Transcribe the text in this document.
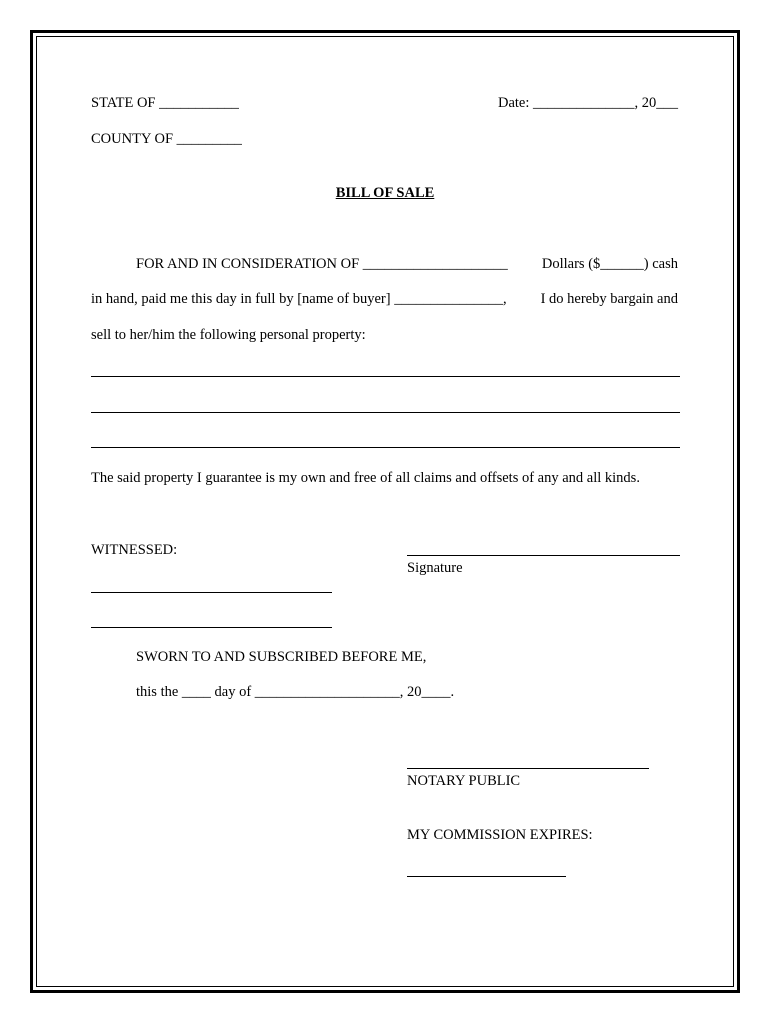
STATE OF ___________	Date: ______________, 20___
COUNTY OF _________
BILL OF SALE
FOR AND IN CONSIDERATION OF ____________________ Dollars ($______) cash
in hand, paid me this day in full by [name of buyer] _______________, I do hereby bargain and
sell to her/him the following personal property:
The said property I guarantee is my own and free of all claims and offsets of any and all kinds.
WITNESSED:
Signature
SWORN TO AND SUBSCRIBED BEFORE ME,
this the ____ day of ____________________, 20____.
NOTARY PUBLIC
MY COMMISSION EXPIRES:
